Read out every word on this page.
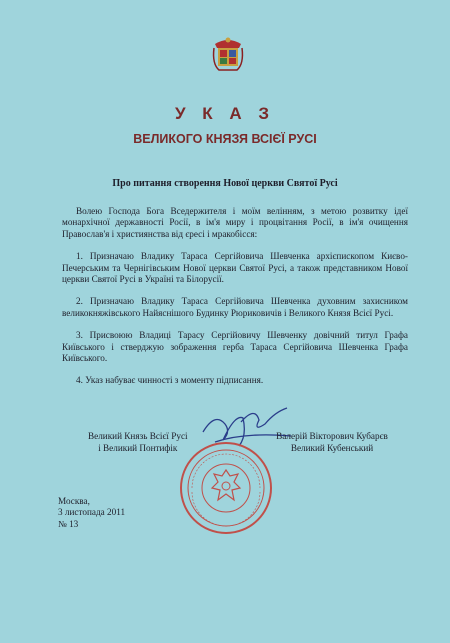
У К А З
ВЕЛИКОГО КНЯЗЯ ВСІЄЇ РУСІ
Про питання створення Нової церкви Святої Русі

Волею Господа Бога Вседержителя і моїм велінням, з метою розвитку ідеї монархічної державності Росії, в ім'я миру і процвітання Росії, в ім'я очищення Православ'я і християнства від єресі і мракобісся:

1. Призначаю Владику Тараса Сергійовича Шевченка архієпископом Києво-Печерським та Чернігівським Нової церкви Святої Русі, а також представником Нової церкви Святої Русі в Україні та Білорусії.

2. Призначаю Владику Тараса Сергійовича Шевченка духовним захисником великокняжівського Найяснішого Будинку Рюриковичів і Великого Князя Всієї Русі.

3. Присвоюю Владиці Тарасу Сергійовичу Шевченку довічний титул Графа Київського і стверджую зображення герба Тараса Сергійовича Шевченка Графа Київського.

4. Указ набуває чинності з моменту підписання.

Великий Князь Всієї Русі
і Великий Понтифік
Валерій Вікторович Кубарєв
Великий Кубенський
Москва,
3 листопада 2011
№ 13
